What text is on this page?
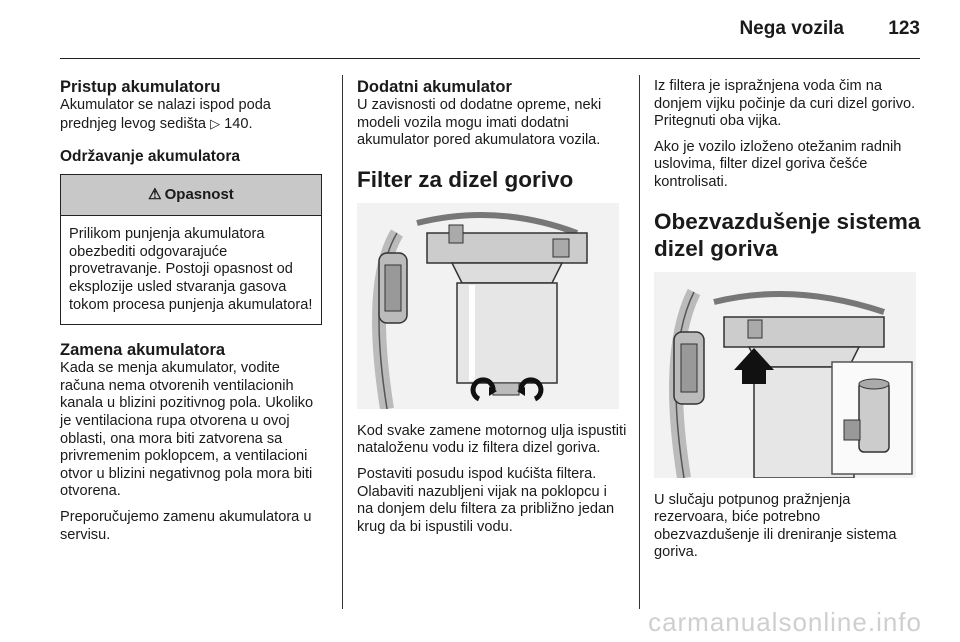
Nega vozila 123
Pristup akumulatoru

Akumulator se nalazi ispod poda prednjeg levog sedišta ▷ 140.

Održavanje akumulatora
⚠ Opasnost
Prilikom punjenja akumulatora obezbediti odgovarajuće provetravanje. Postoji opasnost od eksplozije usled stvaranja gasova tokom procesa punjenja akumulatora!
Zamena akumulatora

Kada se menja akumulator, vodite računa nema otvorenih ventilacionih kanala u blizini pozitivnog pola. Ukoliko je ventilaciona rupa otvorena u ovoj oblasti, ona mora biti zatvorena sa privremenim poklopcem, a ventilacioni otvor u blizini negativnog pola mora biti otvorena.

Preporučujemo zamenu akumulatora u servisu.

Dodatni akumulator

U zavisnosti od dodatne opreme, neki modeli vozila mogu imati dodatni akumulator pored akumulatora vozila.

Filter za dizel gorivo

Kod svake zamene motornog ulja ispustiti nataloženu vodu iz filtera dizel goriva.

Postaviti posudu ispod kućišta filtera. Olabaviti nazubljeni vijak na poklopcu i na donjem delu filtera za približno jedan krug da bi ispustili vodu.

Iz filtera je ispražnjena voda čim na donjem vijku počinje da curi dizel gorivo. Pritegnuti oba vijka.

Ako je vozilo izloženo otežanim radnih uslovima, filter dizel goriva češće kontrolisati.

Obezvazdušenje sistema dizel goriva

U slučaju potpunog pražnjenja rezervoara, biće potrebno obezvazdušenje ili dreniranje sistema goriva.

carmanualsonline.info
